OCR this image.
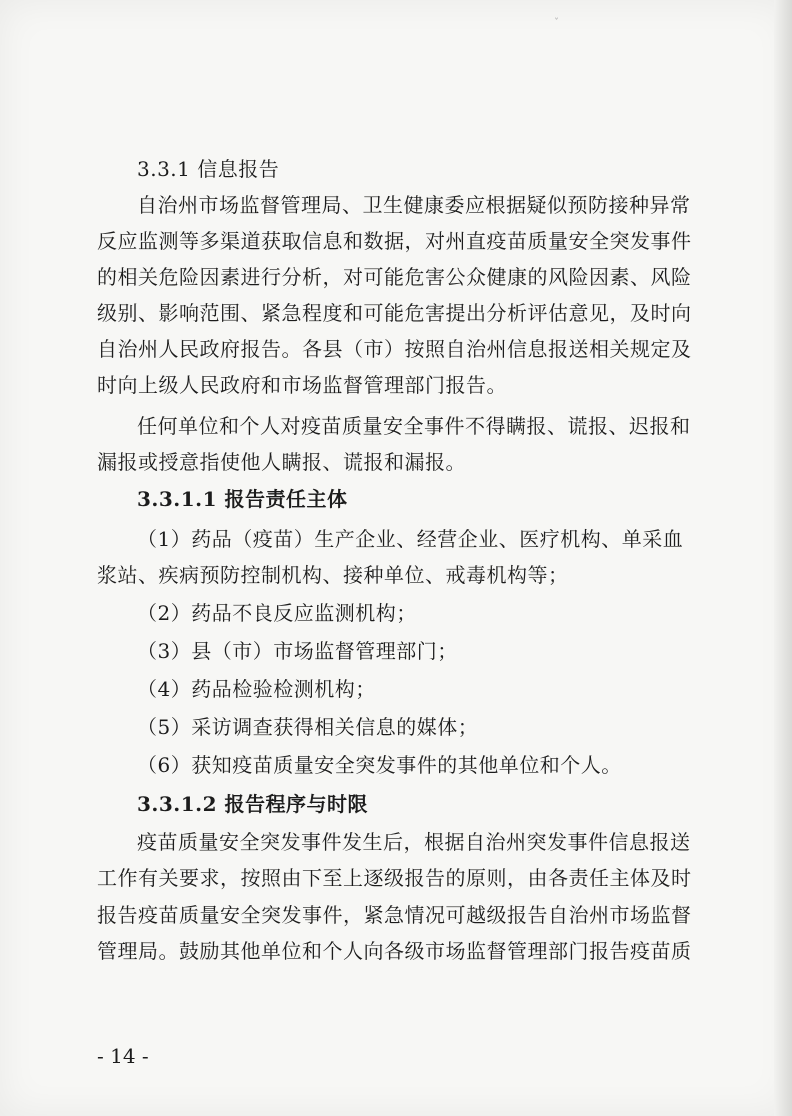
ˇ
3.3.1 信息报告
自治州市场监督管理局、卫生健康委应根据疑似预防接种异常
反应监测等多渠道获取信息和数据，对州直疫苗质量安全突发事件
的相关危险因素进行分析，对可能危害公众健康的风险因素、风险
级别、影响范围、紧急程度和可能危害提出分析评估意见，及时向
自治州人民政府报告。各县（市）按照自治州信息报送相关规定及
时向上级人民政府和市场监督管理部门报告。
任何单位和个人对疫苗质量安全事件不得瞒报、谎报、迟报和
漏报或授意指使他人瞒报、谎报和漏报。
3.3.1.1 报告责任主体
（1）药品（疫苗）生产企业、经营企业、医疗机构、单采血
浆站、疾病预防控制机构、接种单位、戒毒机构等；
（2）药品不良反应监测机构；
（3）县（市）市场监督管理部门；
（4）药品检验检测机构；
（5）采访调查获得相关信息的媒体；
（6）获知疫苗质量安全突发事件的其他单位和个人。
3.3.1.2 报告程序与时限
疫苗质量安全突发事件发生后，根据自治州突发事件信息报送
工作有关要求，按照由下至上逐级报告的原则，由各责任主体及时
报告疫苗质量安全突发事件，紧急情况可越级报告自治州市场监督
管理局。鼓励其他单位和个人向各级市场监督管理部门报告疫苗质
- 14 -
